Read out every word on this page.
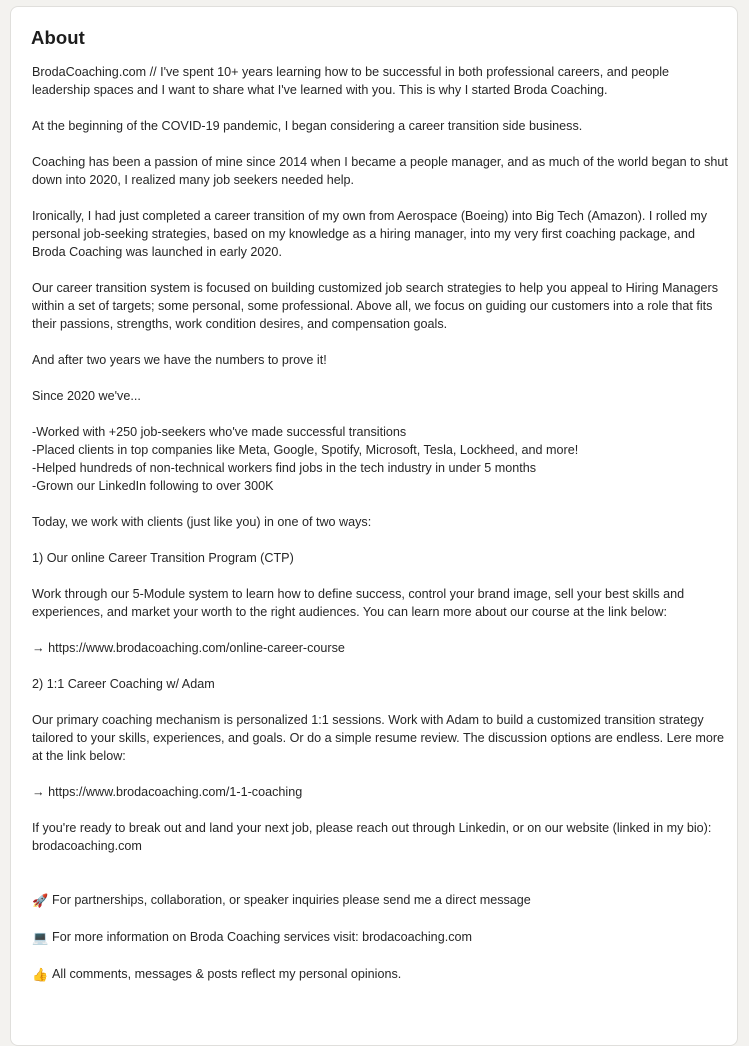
About

BrodaCoaching.com // I've spent 10+ years learning how to be successful in both professional careers, and people leadership spaces and I want to share what I've learned with you. This is why I started Broda Coaching.

At the beginning of the COVID-19 pandemic, I began considering a career transition side business.

Coaching has been a passion of mine since 2014 when I became a people manager, and as much of the world began to shut down into 2020, I realized many job seekers needed help.

Ironically, I had just completed a career transition of my own from Aerospace (Boeing) into Big Tech (Amazon). I rolled my personal job-seeking strategies, based on my knowledge as a hiring manager, into my very first coaching package, and Broda Coaching was launched in early 2020.

Our career transition system is focused on building customized job search strategies to help you appeal to Hiring Managers within a set of targets; some personal, some professional. Above all, we focus on guiding our customers into a role that fits their passions, strengths, work condition desires, and compensation goals.

And after two years we have the numbers to prove it!

Since 2020 we've...

-Worked with +250 job-seekers who've made successful transitions

-Placed clients in top companies like Meta, Google, Spotify, Microsoft, Tesla, Lockheed, and more!

-Helped hundreds of non-technical workers find jobs in the tech industry in under 5 months

-Grown our LinkedIn following to over 300K

Today, we work with clients (just like you) in one of two ways:

1) Our online Career Transition Program (CTP)

Work through our 5-Module system to learn how to define success, control your brand image, sell your best skills and experiences, and market your worth to the right audiences. You can learn more about our course at the link below:

→ https://www.brodacoaching.com/online-career-course

2) 1:1 Career Coaching w/ Adam

Our primary coaching mechanism is personalized 1:1 sessions. Work with Adam to build a customized transition strategy tailored to your skills, experiences, and goals. Or do a simple resume review. The discussion options are endless. Lere more at the link below:

→ https://www.brodacoaching.com/1-1-coaching

If you're ready to break out and land your next job, please reach out through Linkedin, or on our website (linked in my bio): brodacoaching.com

🚀 For partnerships, collaboration, or speaker inquiries please send me a direct message

💻 For more information on Broda Coaching services visit: brodacoaching.com

👍 All comments, messages & posts reflect my personal opinions.
